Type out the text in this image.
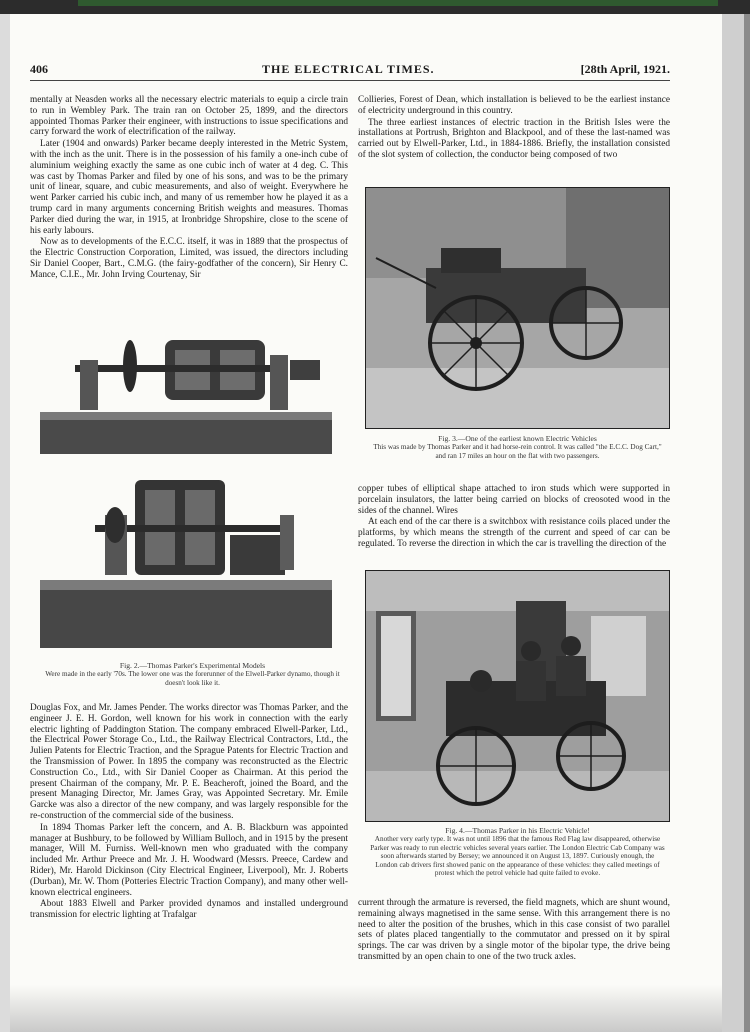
406	THE ELECTRICAL TIMES.	[28th April, 1921.

mentally at Neasden works all the necessary electric materials to equip a circle train to run in Wembley Park. The train ran on October 25, 1899, and the directors appointed Thomas Parker their engineer, with instructions to issue specifications and carry forward the work of electrification of the railway.

Later (1904 and onwards) Parker became deeply interested in the Metric System, with the inch as the unit. There is in the possession of his family a one-inch cube of aluminium weighing exactly the same as one cubic inch of water at 4 deg. C. This was cast by Thomas Parker and filed by one of his sons, and was to be the primary unit of linear, square, and cubic measurements, and also of weight. Everywhere he went Parker carried his cubic inch, and many of us remember how he played it as a trump card in many arguments concerning British weights and measures. Thomas Parker died during the war, in 1915, at Ironbridge Shropshire, close to the scene of his early labours.

Now as to developments of the E.C.C. itself, it was in 1889 that the prospectus of the Electric Construction Corporation, Limited, was issued, the directors including Sir Daniel Cooper, Bart., C.M.G. (the fairy-godfather of the concern), Sir Henry C. Mance, C.I.E., Mr. John Irving Courtenay, Sir

Fig. 2.—Thomas Parker's Experimental Models
Were made in the early '70s. The lower one was the forerunner of the Elwell-Parker dynamo, though it doesn't look like it.

Douglas Fox, and Mr. James Pender. The works director was Thomas Parker, and the engineer J. E. H. Gordon, well known for his work in connection with the early electric lighting of Paddington Station. The company embraced Elwell-Parker, Ltd., the Electrical Power Storage Co., Ltd., the Railway Electrical Contractors, Ltd., the Julien Patents for Electric Traction, and the Sprague Patents for Electric Traction and the Transmission of Power. In 1895 the company was reconstructed as the Electric Construction Co., Ltd., with Sir Daniel Cooper as Chairman. At this period the present Chairman of the company, Mr. P. E. Beacheroft, joined the Board, and the present Managing Director, Mr. James Gray, was Appointed Secretary. Mr. Emile Garcke was also a director of the new company, and was largely responsible for the re-construction of the commercial side of the business.

In 1894 Thomas Parker left the concern, and A. B. Blackburn was appointed manager at Bushbury, to be followed by William Bulloch, and in 1915 by the present manager, Will M. Furniss. Well-known men who graduated with the company included Mr. Arthur Preece and Mr. J. H. Woodward (Messrs. Preece, Cardew and Rider), Mr. Harold Dickinson (City Electrical Engineer, Liverpool), Mr. J. Roberts (Durban), Mr. W. Thom (Potteries Electric Traction Company), and many other well-known electrical engineers.

About 1883 Elwell and Parker provided dynamos and installed underground transmission for electric lighting at Trafalgar

Collieries, Forest of Dean, which installation is believed to be the earliest instance of electricity underground in this country.

The three earliest instances of electric traction in the British Isles were the installations at Portrush, Brighton and Blackpool, and of these the last-named was carried out by Elwell-Parker, Ltd., in 1884-1886. Briefly, the installation consisted of the slot system of collection, the conductor being composed of two

Fig. 3.—One of the earliest known Electric Vehicles
This was made by Thomas Parker and it had horse-rein control. It was called "the E.C.C. Dog Cart," and ran 17 miles an hour on the flat with two passengers.

copper tubes of elliptical shape attached to iron studs which were supported in porcelain insulators, the latter being carried on blocks of creosoted wood in the sides of the channel. Wires

At each end of the car there is a switchbox with resistance coils placed under the platforms, by which means the strength of the current and speed of car can be regulated. To reverse the direction in which the car is travelling the direction of the

Fig. 4.—Thomas Parker in his Electric Vehicle!
Another very early type. It was not until 1896 that the famous Red Flag law disappeared, otherwise Parker was ready to run electric vehicles several years earlier. The London Electric Cab Company was soon afterwards started by Bersey; we announced it on August 13, 1897. Curiously enough, the London cab drivers first showed panic on the appearance of these vehicles: they called meetings of protest which the petrol vehicle had quite failed to evoke.

current through the armature is reversed, the field magnets, which are shunt wound, remaining always magnetised in the same sense. With this arrangement there is no need to alter the position of the brushes, which in this case consist of two parallel sets of plates placed tangentially to the commutator and pressed on it by spiral springs. The car was driven by a single motor of the bipolar type, the drive being transmitted by an open chain to one of the two truck axles.
